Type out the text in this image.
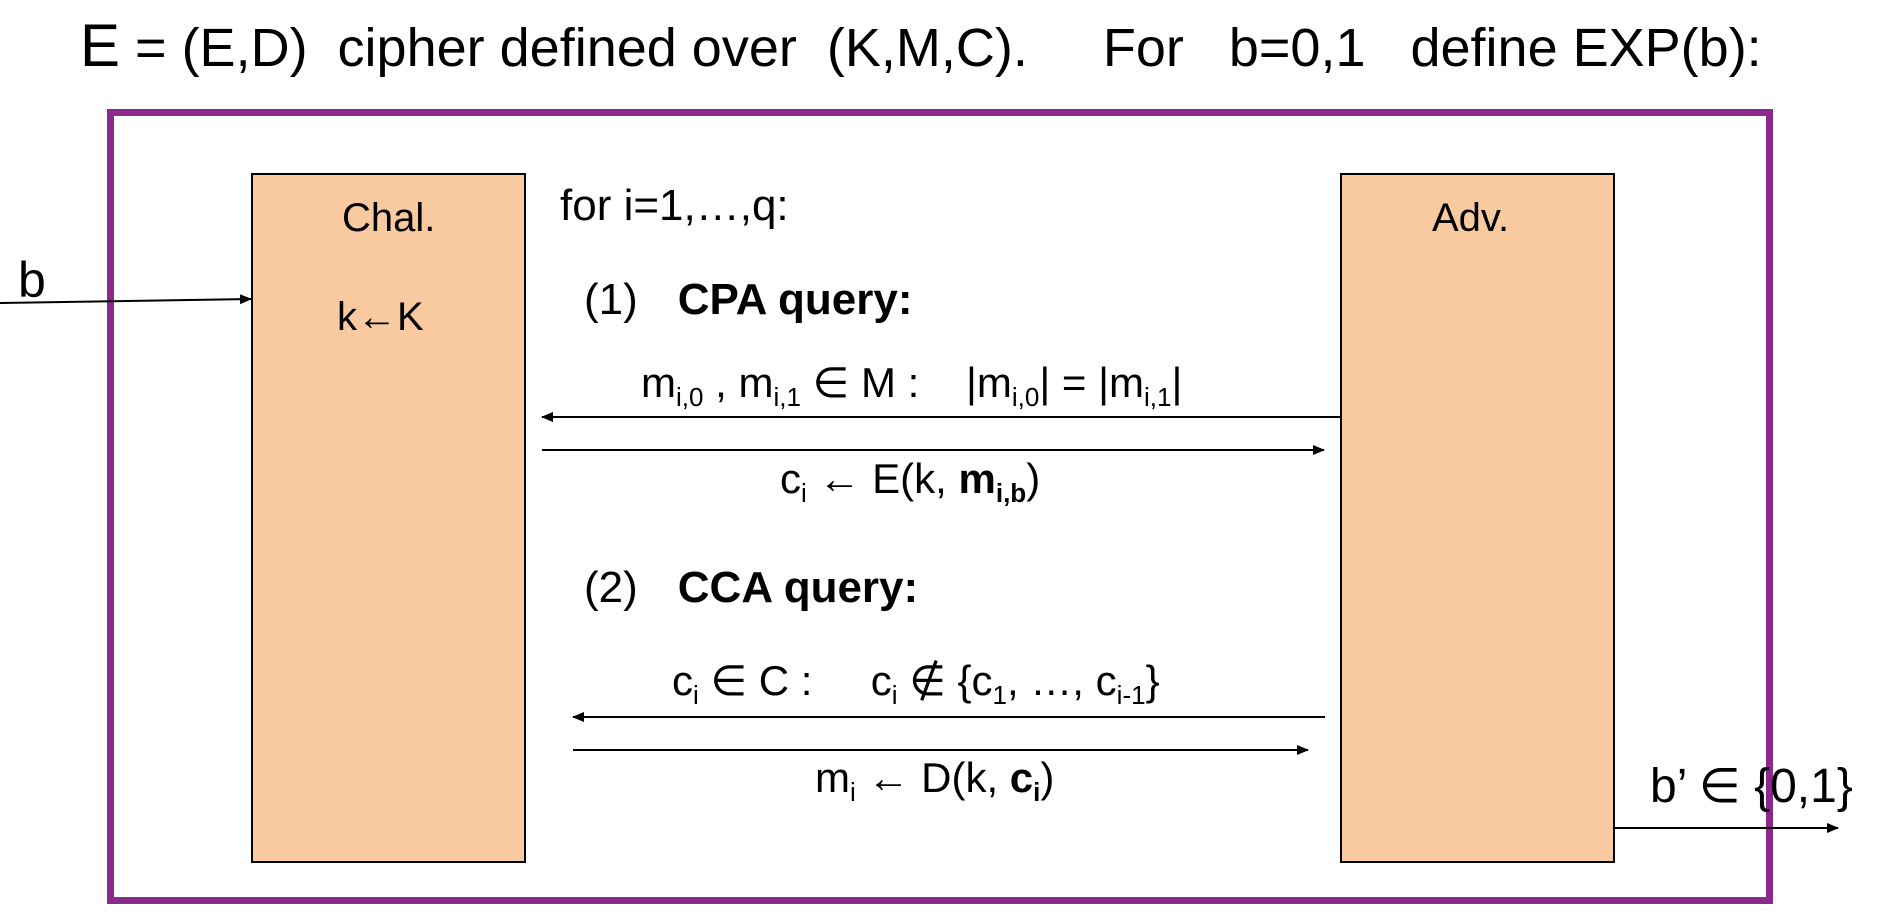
E = (E,D)  cipher defined over  (K,M,C).     For   b=0,1   define EXP(b):
Chal.
k←K
Adv.
b
for i=1,…,q:
(1) CPA query:
$m_{i,0}$ , $m_{i,1}$ ∈ M :    $|m_{i,0}| = |m_{i,1}|$
$c_i$ ← E(k, $m_{i,b}$)
(2) CCA query:
$c_i$ ∈ C :     $c_i$ ∉ {$c_1$, …, $c_{i-1}$}
$m_i$ ← D(k, $c_i$)	b’ ∈ {0,1}
